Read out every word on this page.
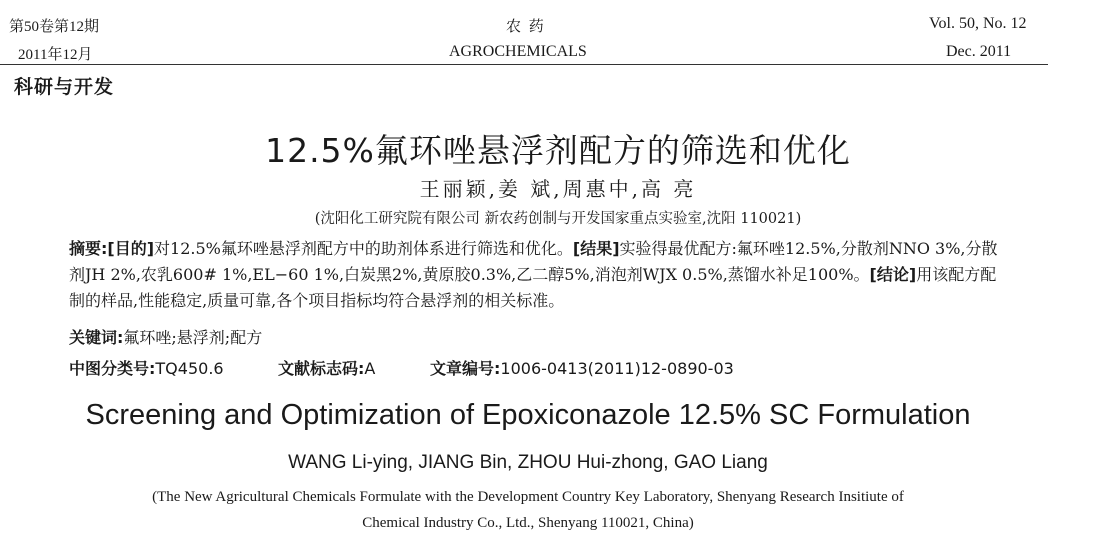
第50卷第12期
2011年12月
农 药
AGROCHEMICALS
Vol. 50, No. 12
Dec. 2011
科研与开发
12.5%氟环唑悬浮剂配方的筛选和优化
王丽颖,姜 斌,周惠中,高 亮
(沈阳化工研究院有限公司 新农药创制与开发国家重点实验室,沈阳 110021)

摘要:[目的]对12.5%氟环唑悬浮剂配方中的助剂体系进行筛选和优化。[结果]实验得最优配方:氟环唑12.5%,分散剂NNO 3%,分散剂JH 2%,农乳600# 1%,EL−60 1%,白炭黑2%,黄原胶0.3%,乙二醇5%,消泡剂WJX 0.5%,蒸馏水补足100%。[结论]用该配方配制的样品,性能稳定,质量可靠,各个项目指标均符合悬浮剂的相关标准。

关键词:氟环唑;悬浮剂;配方
中图分类号:TQ450.6	文献标志码:A	文章编号:1006-0413(2011)12-0890-03
Screening and Optimization of Epoxiconazole 12.5% SC Formulation
WANG Li-ying, JIANG Bin, ZHOU Hui-zhong, GAO Liang
(The New Agricultural Chemicals Formulate with the Development Country Key Laboratory, Shenyang Research Insitiute of
Chemical Industry Co., Ltd., Shenyang 110021, China)
